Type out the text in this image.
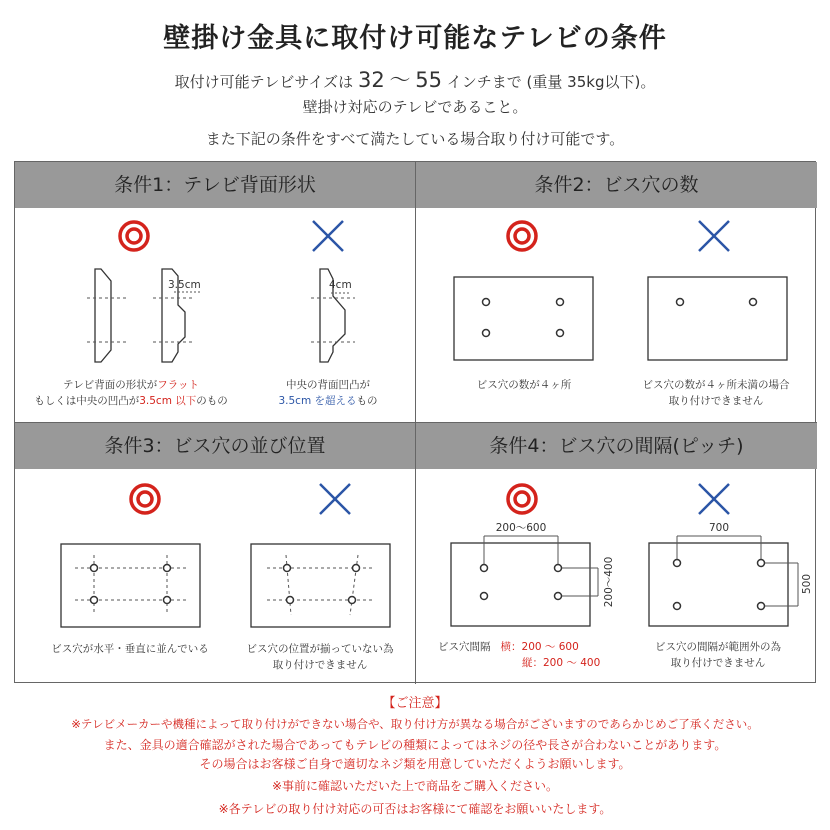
壁掛け金具に取付け可能なテレビの条件
取付け可能テレビサイズは 32 〜 55 インチまで (重量 35kg以下)。
壁掛け対応のテレビであること。
また下記の条件をすべて満たしている場合取り付け可能です。
条件1：テレビ背面形状
3.5cm	4cm
テレビ背面の形状がフラット
もしくは中央の凹凸が3.5cm 以下のもの
中央の背面凹凸が
3.5cm を超えるもの
条件2：ビス穴の数
ビス穴の数が４ヶ所	ビス穴の数が４ヶ所未満の場合
取り付けできません
条件3：ビス穴の並び位置
ビス穴が水平・垂直に並んでいる	ビス穴の位置が揃っていない為
取り付けできません
条件4：ビス穴の間隔(ピッチ)
200〜600
200〜400
700
500
ビス穴間隔 横：200 〜 600
縦：200 〜 400
ビス穴の間隔が範囲外の為
取り付けできません
【ご注意】
※テレビメーカーや機種によって取り付けができない場合や、取り付け方が異なる場合がございますのであらかじめご了承ください。
また、金具の適合確認がされた場合であってもテレビの種類によってはネジの径や長さが合わないことがあります。
その場合はお客様ご自身で適切なネジ類を用意していただくようお願いします。
※事前に確認いただいた上で商品をご購入ください。
※各テレビの取り付け対応の可否はお客様にて確認をお願いいたします。
